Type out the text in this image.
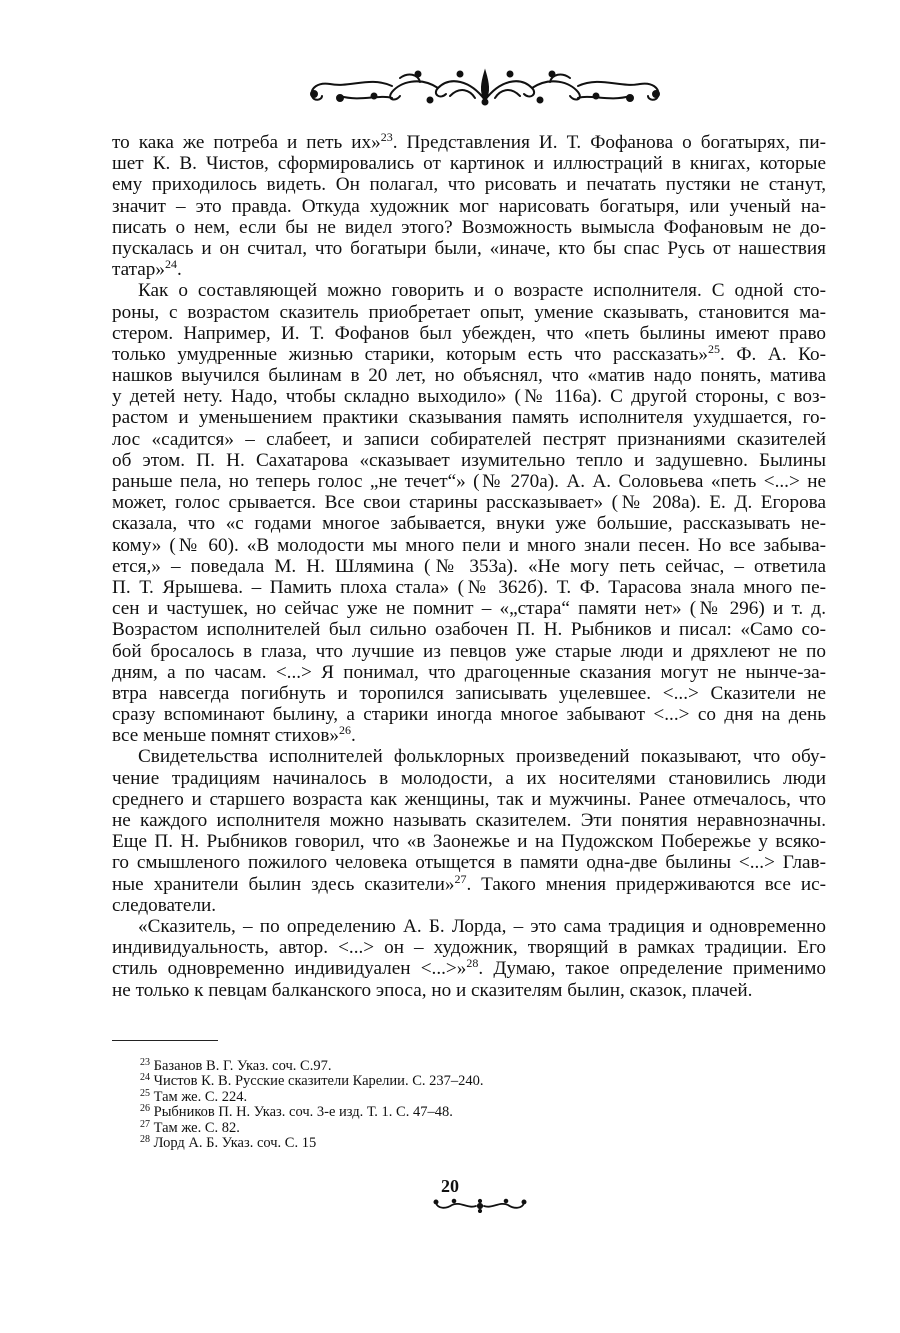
то кака же потреба и петь их»$^{23}$. Представления И. Т. Фофанова о богатырях, пи-
шет К. В. Чистов, сформировались от картинок и иллюстраций в книгах, которые
ему приходилось видеть. Он полагал, что рисовать и печатать пустяки не станут,
значит – это правда. Откуда художник мог нарисовать богатыря, или ученый на-
писать о нем, если бы не видел этого? Возможность вымысла Фофановым не до-
пускалась и он считал, что богатыри были, «иначе, кто бы спас Русь от нашествия
татар»$^{24}$.
Как о составляющей можно говорить и о возрасте исполнителя. С одной сто-
роны, с возрастом сказитель приобретает опыт, умение сказывать, становится ма-
стером. Например, И. Т. Фофанов был убежден, что «петь былины имеют право
только умудренные жизнью старики, которым есть что рассказать»$^{25}$. Ф. А. Ко-
нашков выучился былинам в 20 лет, но объяснял, что «матив надо понять, матива
у детей нету. Надо, чтобы складно выходило» (№ 116а). С другой стороны, с воз-
растом и уменьшением практики сказывания память исполнителя ухудшается, го-
лос «садится» – слабеет, и записи собирателей пестрят признаниями сказителей
об этом. П. Н. Сахатарова «сказывает изумительно тепло и задушевно. Былины
раньше пела, но теперь голос „не течет“» (№ 270а). А. А. Соловьева «петь <...> не
может, голос срывается. Все свои старины рассказывает» (№ 208а). Е. Д. Егорова
сказала, что «с годами многое забывается, внуки уже большие, рассказывать не-
кому» (№ 60). «В молодости мы много пели и много знали песен. Но все забыва-
ется,» – поведала М. Н. Шлямина (№ 353а). «Не могу петь сейчас, – ответила
П. Т. Ярышева. – Памить плоха стала» (№ 362б). Т. Ф. Тарасова знала много пе-
сен и частушек, но сейчас уже не помнит – «„стара“ памяти нет» (№ 296) и т. д.
Возрастом исполнителей был сильно озабочен П. Н. Рыбников и писал: «Само со-
бой бросалось в глаза, что лучшие из певцов уже старые люди и дряхлеют не по
дням, а по часам. <...> Я понимал, что драгоценные сказания могут не нынче-за-
втра навсегда погибнуть и торопился записывать уцелевшее. <...> Сказители не
сразу вспоминают былину, а старики иногда многое забывают <...> со дня на день
все меньше помнят стихов»$^{26}$.
Свидетельства исполнителей фольклорных произведений показывают, что обу-
чение традициям начиналось в молодости, а их носителями становились люди
среднего и старшего возраста как женщины, так и мужчины. Ранее отмечалось, что
не каждого исполнителя можно называть сказителем. Эти понятия неравнозначны.
Еще П. Н. Рыбников говорил, что «в Заонежье и на Пудожском Побережье у всяко-
го смышленого пожилого человека отыщется в памяти одна-две былины <...> Глав-
ные хранители былин здесь сказители»$^{27}$. Такого мнения придерживаются все ис-
следователи.
«Сказитель, – по определению А. Б. Лорда, – это сама традиция и одновременно
индивидуальность, автор. <...> он – художник, творящий в рамках традиции. Его
стиль одновременно индивидуален <...>»$^{28}$. Думаю, такое определение применимо
не только к певцам балканского эпоса, но и сказителям былин, сказок, плачей.
$^{23}$ Базанов В. Г. Указ. соч. С.97.
$^{24}$ Чистов К. В. Русские сказители Карелии. С. 237–240.
$^{25}$ Там же. С. 224.
$^{26}$ Рыбников П. Н. Указ. соч. 3-е изд. Т. 1. С. 47–48.
$^{27}$ Там же. С. 82.
$^{28}$ Лорд А. Б. Указ. соч. С. 15
20
